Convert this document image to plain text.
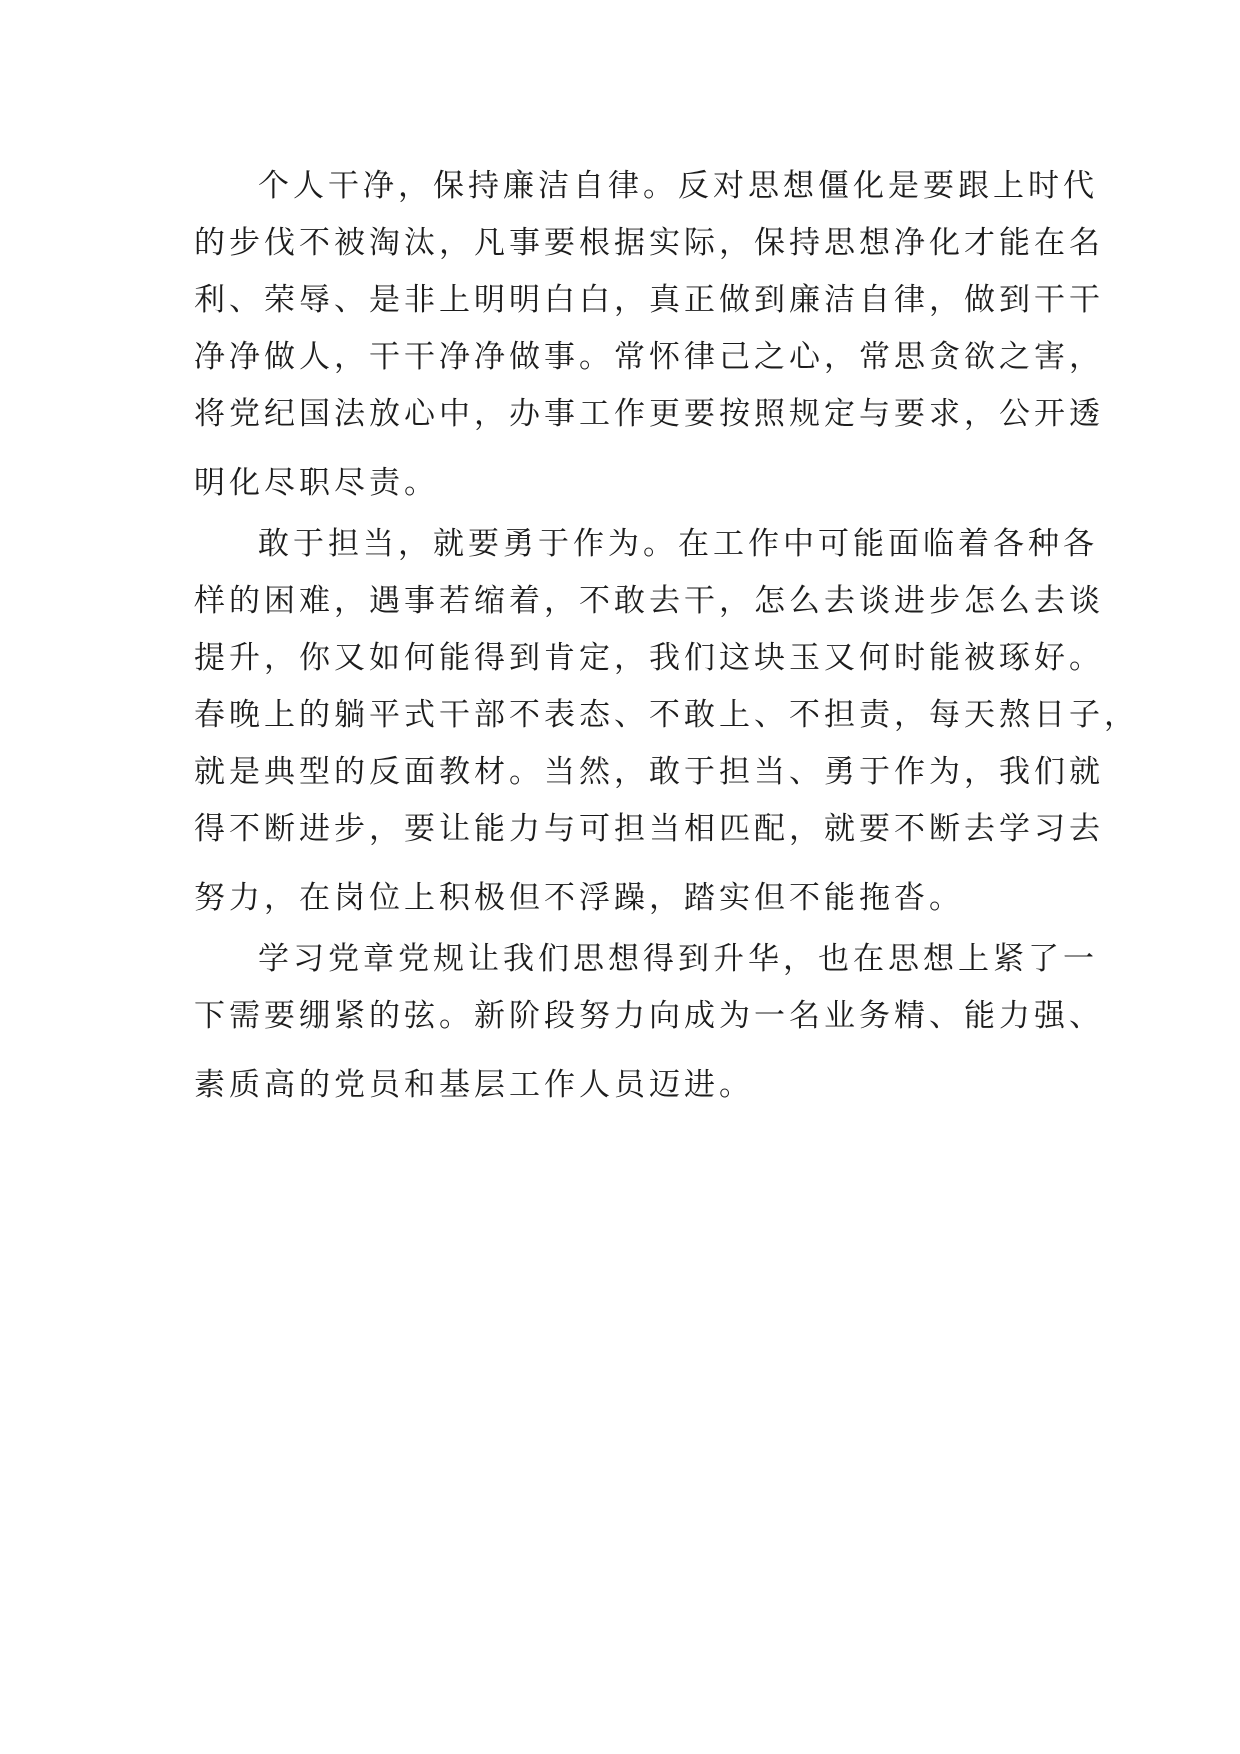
个人干净，保持廉洁自律。反对思想僵化是要跟上时代
的步伐不被淘汰，凡事要根据实际，保持思想净化才能在名
利、荣辱、是非上明明白白，真正做到廉洁自律，做到干干
净净做人，干干净净做事。常怀律己之心，常思贪欲之害，
将党纪国法放心中，办事工作更要按照规定与要求，公开透
明化尽职尽责。
敢于担当，就要勇于作为。在工作中可能面临着各种各
样的困难，遇事若缩着，不敢去干，怎么去谈进步怎么去谈
提升，你又如何能得到肯定，我们这块玉又何时能被琢好。
春晚上的躺平式干部不表态、不敢上、不担责，每天熬日子，
就是典型的反面教材。当然，敢于担当、勇于作为，我们就
得不断进步，要让能力与可担当相匹配，就要不断去学习去
努力，在岗位上积极但不浮躁，踏实但不能拖沓。
学习党章党规让我们思想得到升华，也在思想上紧了一
下需要绷紧的弦。新阶段努力向成为一名业务精、能力强、
素质高的党员和基层工作人员迈进。
